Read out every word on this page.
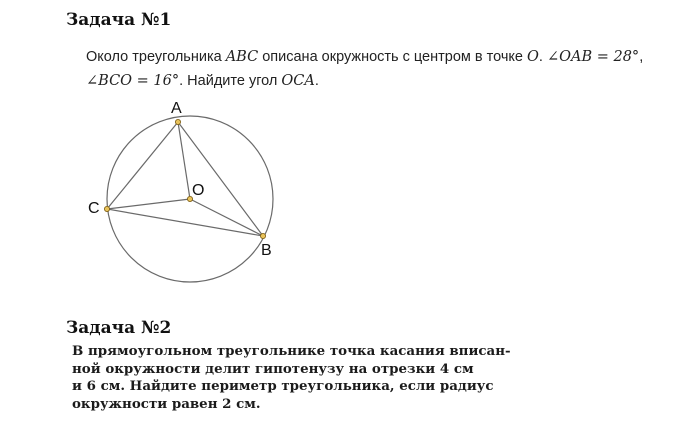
Задача №1
Около треугольника ABC описана окружность с центром в точке O. ∠OAB = 28°,
∠BCO = 16°. Найдите угол OCA.
A
C
B
O
Задача №2
В прямоугольном треугольнике точка касания вписан-
ной окружности делит гипотенузу на отрезки 4 см
и 6 см. Найдите периметр треугольника, если радиус
окружности равен 2 см.
